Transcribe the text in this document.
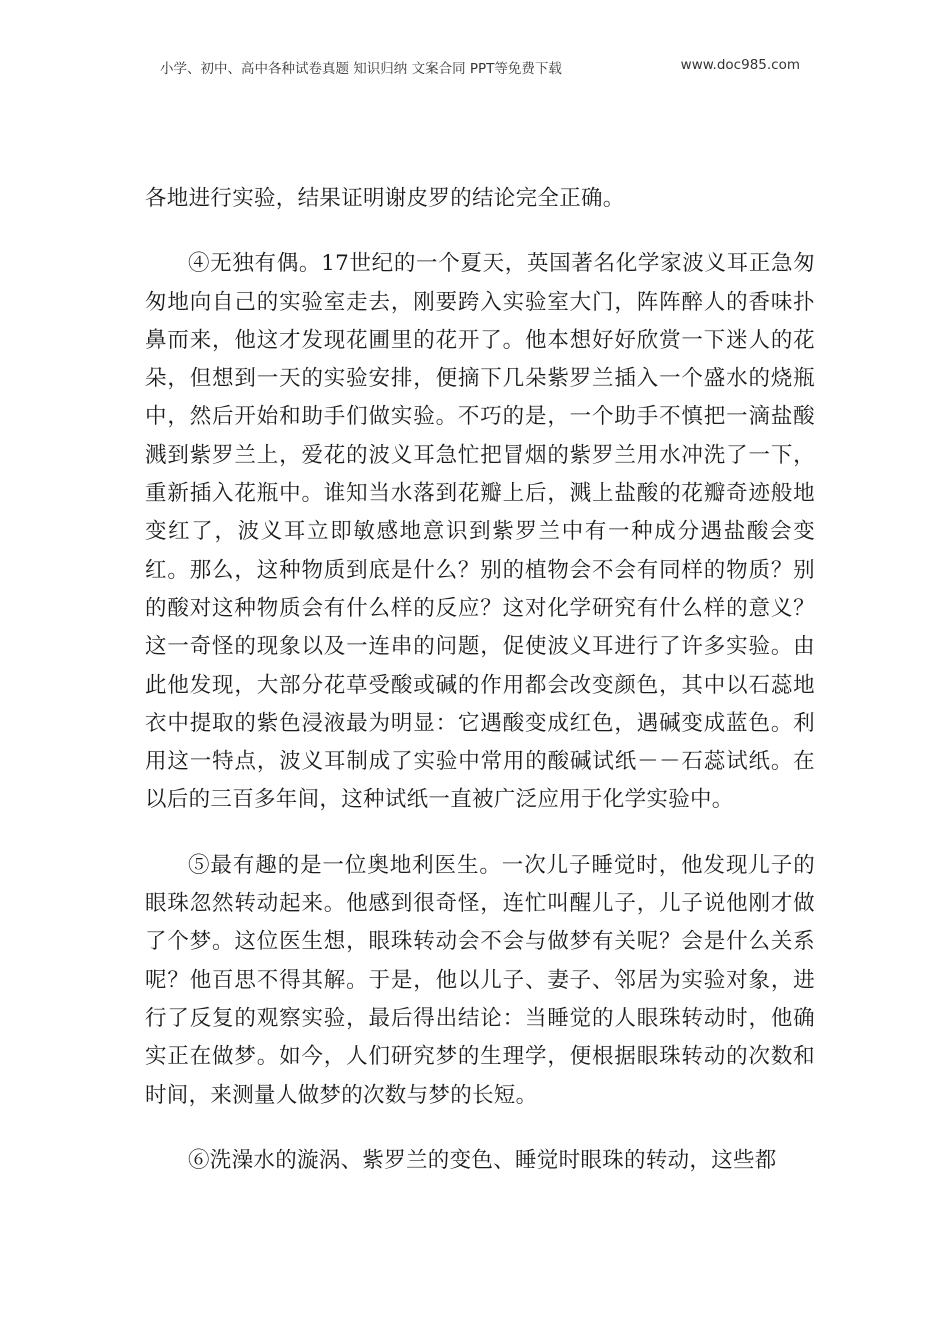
小学、初中、高中各种试卷真题 知识归纳 文案合同 PPT等免费下载	www.doc985.com

各地进行实验，结果证明谢皮罗的结论完全正确。

④无独有偶。17世纪的一个夏天，英国著名化学家波义耳正急匆匆地向自己的实验室走去，刚要跨入实验室大门，阵阵醉人的香味扑鼻而来，他这才发现花圃里的花开了。他本想好好欣赏一下迷人的花朵，但想到一天的实验安排，便摘下几朵紫罗兰插入一个盛水的烧瓶中，然后开始和助手们做实验。不巧的是，一个助手不慎把一滴盐酸溅到紫罗兰上，爱花的波义耳急忙把冒烟的紫罗兰用水冲洗了一下，重新插入花瓶中。谁知当水落到花瓣上后，溅上盐酸的花瓣奇迹般地变红了，波义耳立即敏感地意识到紫罗兰中有一种成分遇盐酸会变红。那么，这种物质到底是什么？别的植物会不会有同样的物质？别的酸对这种物质会有什么样的反应？这对化学研究有什么样的意义？这一奇怪的现象以及一连串的问题，促使波义耳进行了许多实验。由此他发现，大部分花草受酸或碱的作用都会改变颜色，其中以石蕊地衣中提取的紫色浸液最为明显：它遇酸变成红色，遇碱变成蓝色。利用这一特点，波义耳制成了实验中常用的酸碱试纸－－石蕊试纸。在以后的三百多年间，这种试纸一直被广泛应用于化学实验中。

⑤最有趣的是一位奥地利医生。一次儿子睡觉时，他发现儿子的眼珠忽然转动起来。他感到很奇怪，连忙叫醒儿子，儿子说他刚才做了个梦。这位医生想，眼珠转动会不会与做梦有关呢？会是什么关系呢？他百思不得其解。于是，他以儿子、妻子、邻居为实验对象，进行了反复的观察实验，最后得出结论：当睡觉的人眼珠转动时，他确实正在做梦。如今，人们研究梦的生理学，便根据眼珠转动的次数和时间，来测量人做梦的次数与梦的长短。

⑥洗澡水的漩涡、紫罗兰的变色、睡觉时眼珠的转动，这些都
